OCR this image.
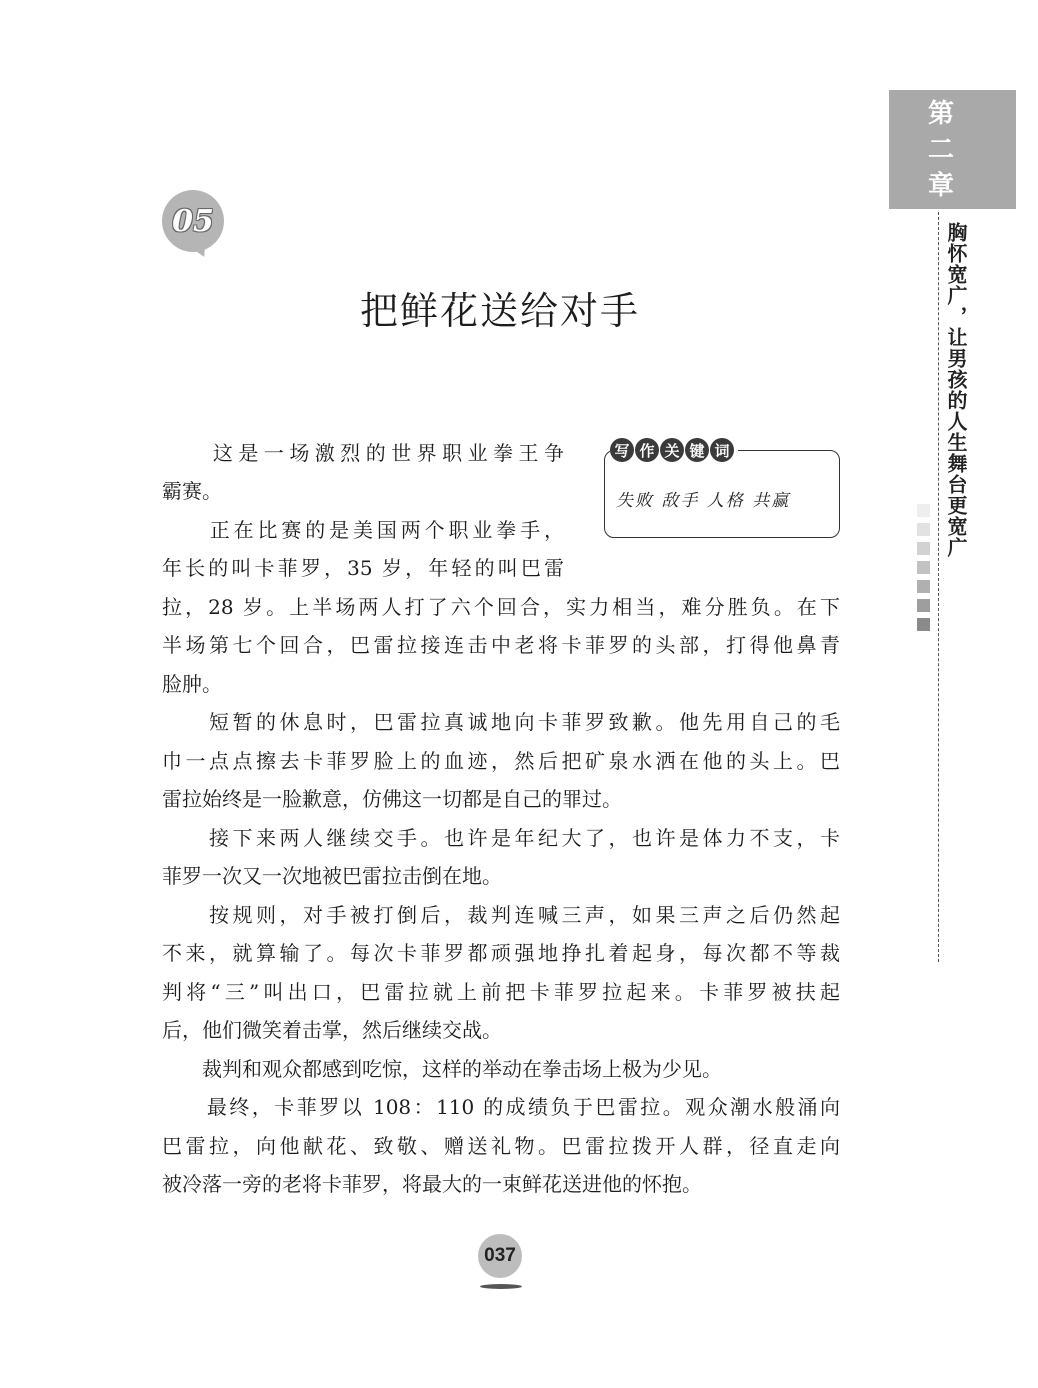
第
二
章
胸怀宽广，让男孩的人生舞台更宽广
05
把鲜花送给对手
写 作 关 键 词
失败 敌手 人格 共赢
　　这是一场激烈的世界职业拳王争
霸赛。
　　正在比赛的是美国两个职业拳手，
年长的叫卡菲罗，35 岁，年轻的叫巴雷
拉，28 岁。上半场两人打了六个回合，实力相当，难分胜负。在下
半场第七个回合，巴雷拉接连击中老将卡菲罗的头部，打得他鼻青
脸肿。
　　短暂的休息时，巴雷拉真诚地向卡菲罗致歉。他先用自己的毛
巾一点点擦去卡菲罗脸上的血迹，然后把矿泉水洒在他的头上。巴
雷拉始终是一脸歉意，仿佛这一切都是自己的罪过。
　　接下来两人继续交手。也许是年纪大了，也许是体力不支，卡
菲罗一次又一次地被巴雷拉击倒在地。
　　按规则，对手被打倒后，裁判连喊三声，如果三声之后仍然起
不来，就算输了。每次卡菲罗都顽强地挣扎着起身，每次都不等裁
判将“三”叫出口，巴雷拉就上前把卡菲罗拉起来。卡菲罗被扶起
后，他们微笑着击掌，然后继续交战。
　　裁判和观众都感到吃惊，这样的举动在拳击场上极为少见。
　　最终，卡菲罗以 108：110 的成绩负于巴雷拉。观众潮水般涌向
巴雷拉，向他献花、致敬、赠送礼物。巴雷拉拨开人群，径直走向
被冷落一旁的老将卡菲罗，将最大的一束鲜花送进他的怀抱。
037
